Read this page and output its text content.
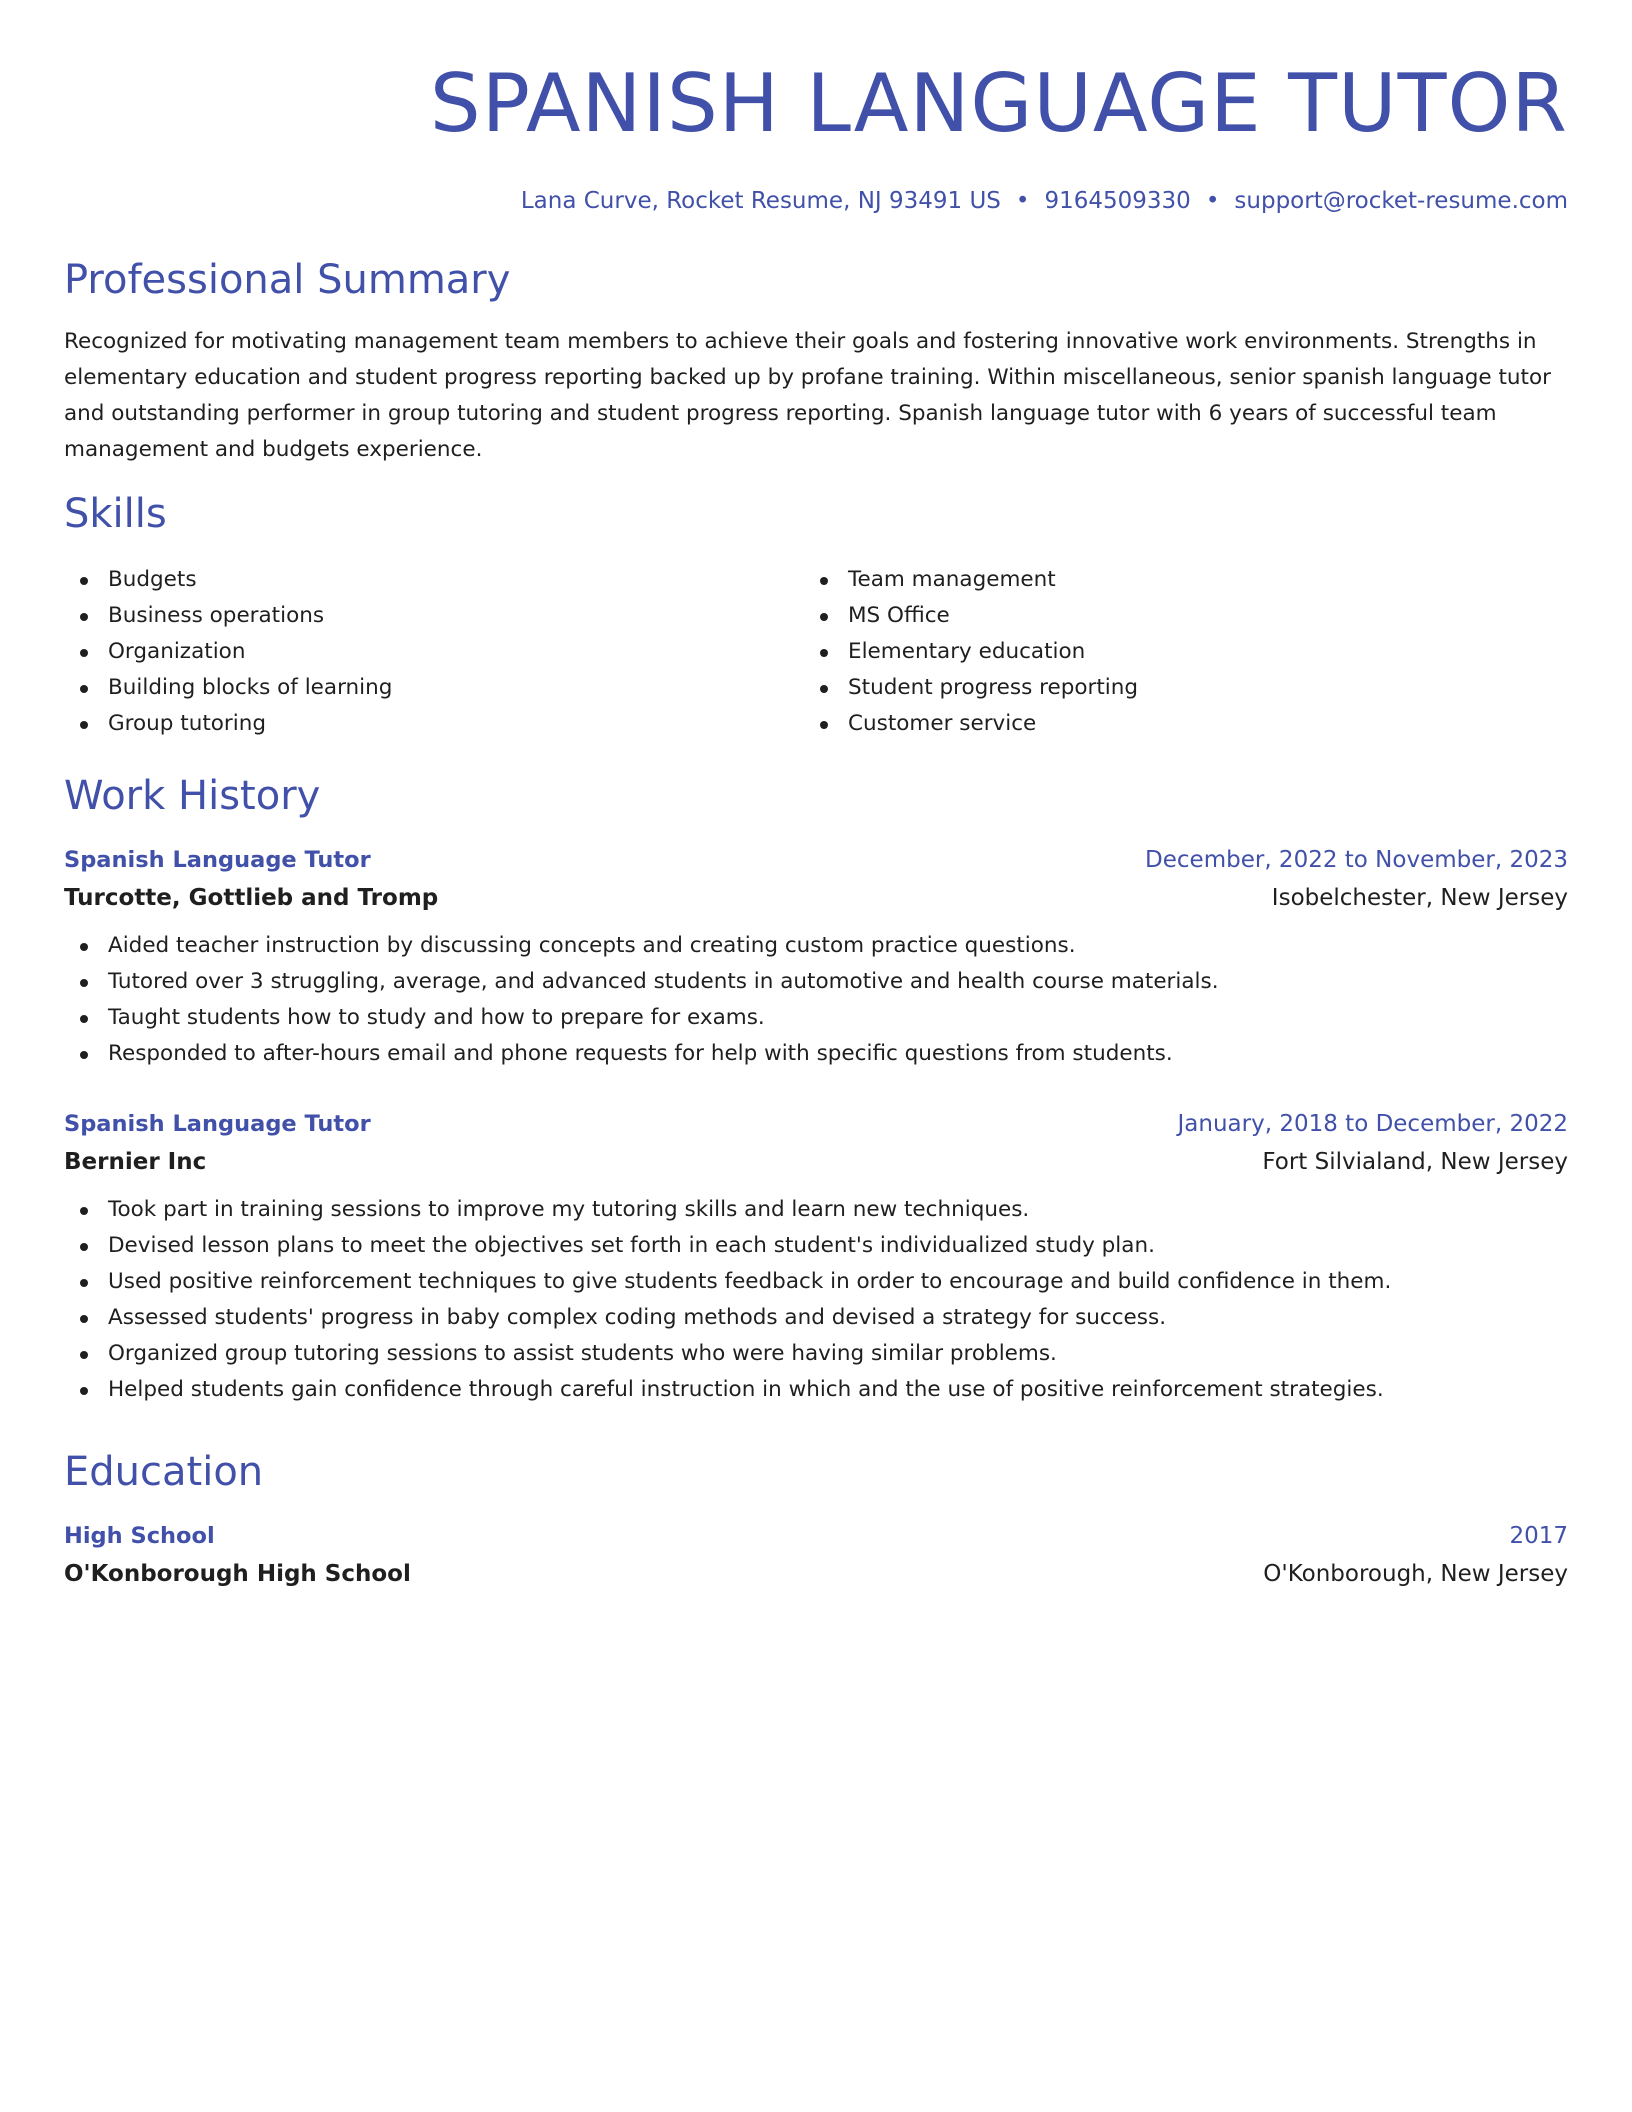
SPANISH LANGUAGE TUTOR
Lana Curve, Rocket Resume, NJ 93491 US • 9164509330 • support@rocket-resume.com
Professional Summary

Recognized for motivating management team members to achieve their goals and fostering innovative work environments. Strengths in elementary education and student progress reporting backed up by profane training. Within miscellaneous, senior spanish language tutor and outstanding performer in group tutoring and student progress reporting. Spanish language tutor with 6 years of successful team management and budgets experience.

Skills
Budgets
Business operations
Organization
Building blocks of learning
Group tutoring
Team management
MS Office
Elementary education
Student progress reporting
Customer service
Work History
Spanish Language Tutor	December, 2022 to November, 2023
Turcotte, Gottlieb and Tromp	Isobelchester, New Jersey
Aided teacher instruction by discussing concepts and creating custom practice questions.
Tutored over 3 struggling, average, and advanced students in automotive and health course materials.
Taught students how to study and how to prepare for exams.
Responded to after-hours email and phone requests for help with specific questions from students.
Spanish Language Tutor	January, 2018 to December, 2022
Bernier Inc	Fort Silvialand, New Jersey
Took part in training sessions to improve my tutoring skills and learn new techniques.
Devised lesson plans to meet the objectives set forth in each student's individualized study plan.
Used positive reinforcement techniques to give students feedback in order to encourage and build confidence in them.
Assessed students' progress in baby complex coding methods and devised a strategy for success.
Organized group tutoring sessions to assist students who were having similar problems.
Helped students gain confidence through careful instruction in which and the use of positive reinforcement strategies.
Education
High School	2017
O'Konborough High School	O'Konborough, New Jersey
